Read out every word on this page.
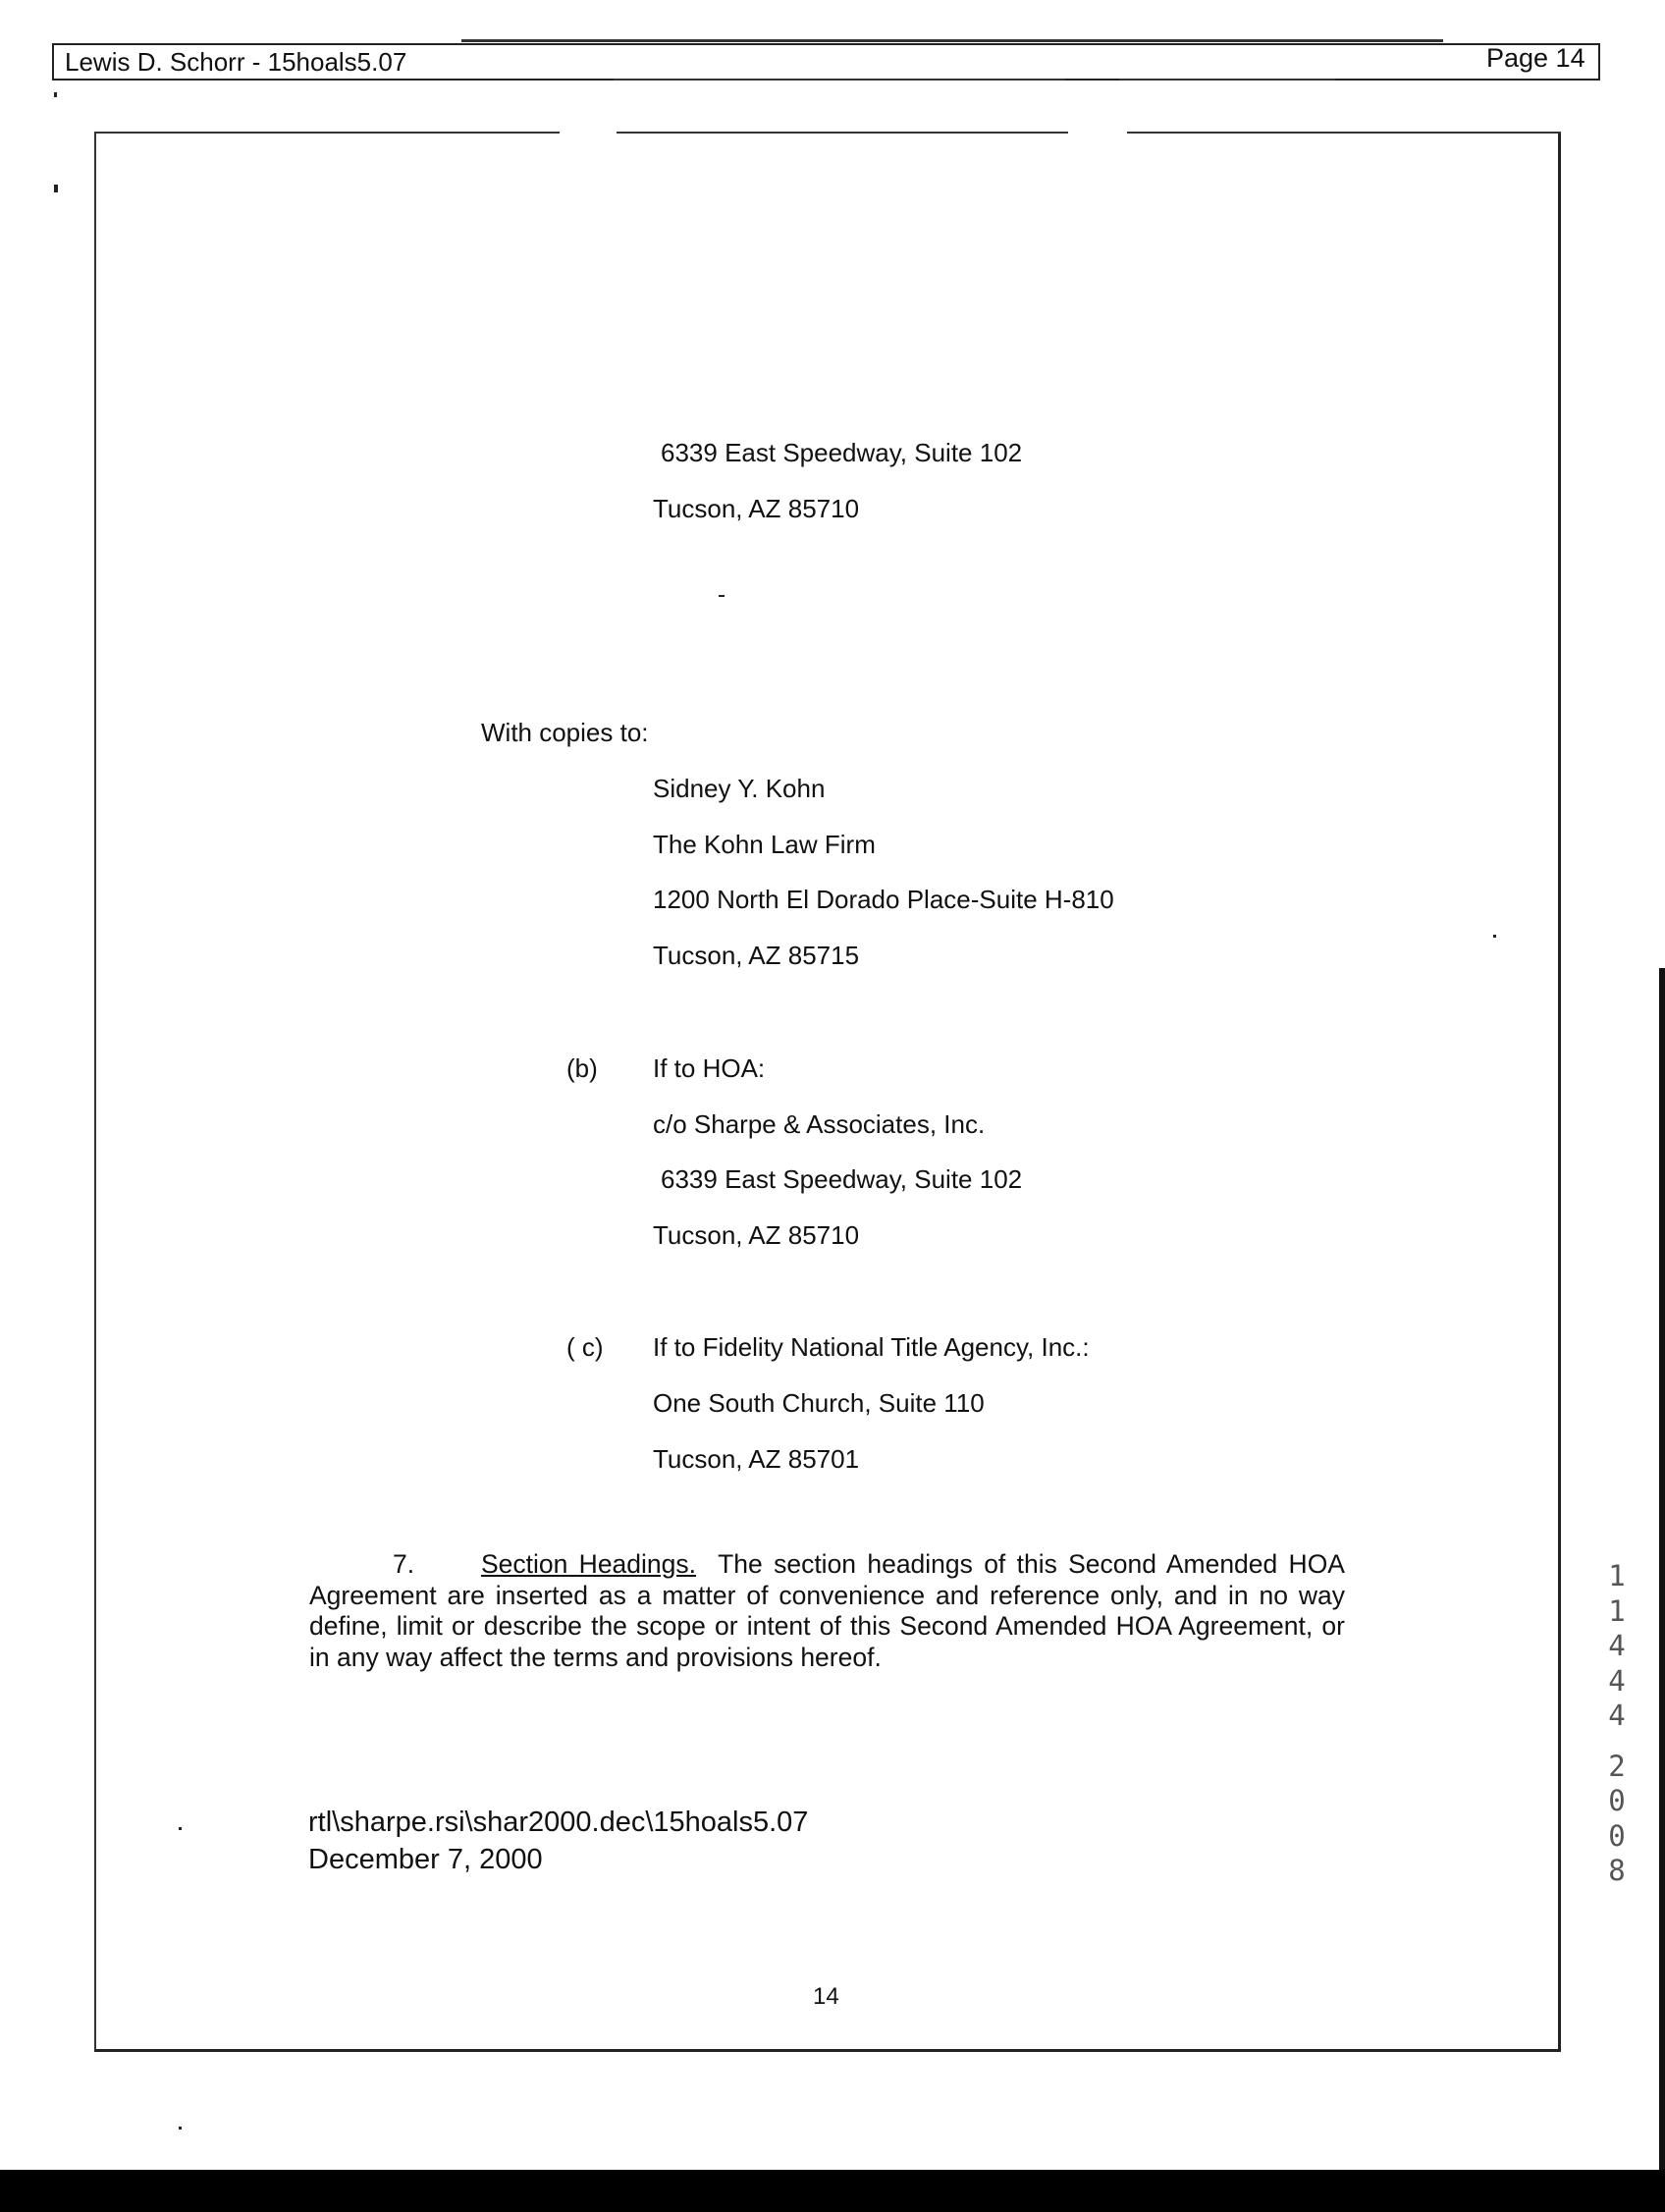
Lewis D. Schorr - 15hoals5.07	Page 14
6339 East Speedway, Suite 102
Tucson, AZ 85710
With copies to:
Sidney Y. Kohn
The Kohn Law Firm
1200 North El Dorado Place-Suite H-810
Tucson, AZ 85715
(b) If to HOA:
c/o Sharpe & Associates, Inc.
6339 East Speedway, Suite 102
Tucson, AZ 85710
( c) If to Fidelity National Title Agency, Inc.:
One South Church, Suite 110
Tucson, AZ 85701
7.	Section Headings. The section headings of this Second Amended HOA Agreement are inserted as a matter of convenience and reference only, and in no way define, limit or describe the scope or intent of this Second Amended HOA Agreement, or in any way affect the terms and provisions hereof.
rtl\sharpe.rsi\shar2000.dec\15hoals5.07
December 7, 2000
14
1
1
4
4
4
2
0
0
8
